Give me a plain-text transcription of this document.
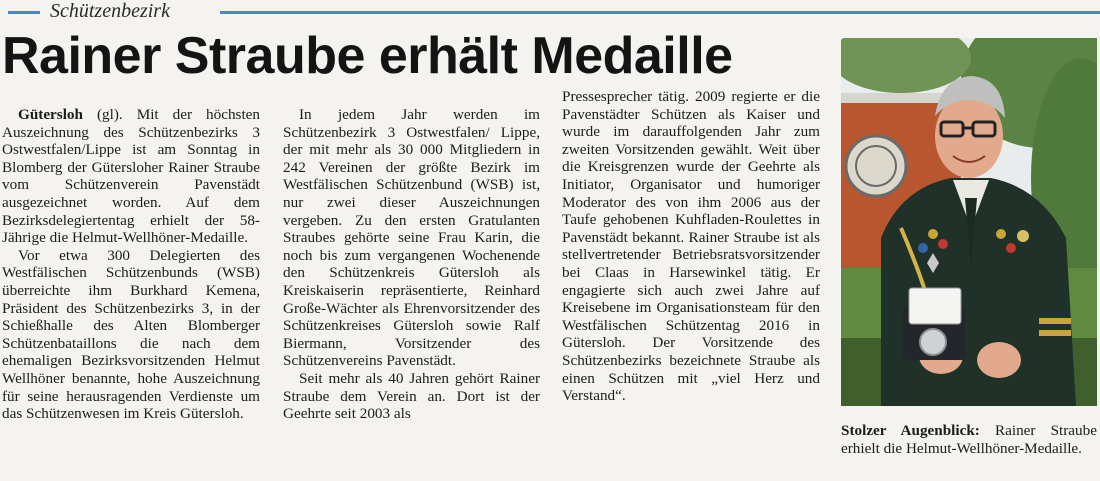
Schützenbezirk
Rainer Straube erhält Medaille

Gütersloh (gl). Mit der höchsten Auszeichnung des Schützenbezirks 3 Ostwestfalen/Lippe ist am Sonntag in Blomberg der Gütersloher Rainer Straube vom Schützenverein Pavenstädt ausgezeichnet worden. Auf dem Bezirksdelegiertentag erhielt der 58-Jährige die Helmut-Wellhöner-Medaille.

Vor etwa 300 Delegierten des Westfälischen Schützenbunds (WSB) überreichte ihm Burkhard Kemena, Präsident des Schützenbezirks 3, in der Schießhalle des Alten Blomberger Schützenbataillons die nach dem ehemaligen Bezirksvorsitzenden Helmut Wellhöner benannte, hohe Auszeichnung für seine herausragenden Verdienste um das Schützenwesen im Kreis Gütersloh.

In jedem Jahr werden im Schützenbezirk 3 Ostwestfalen/ Lippe, der mit mehr als 30 000 Mitgliedern in 242 Vereinen der größte Bezirk im Westfälischen Schützenbund (WSB) ist, nur zwei dieser Auszeichnungen vergeben. Zu den ersten Gratulanten Straubes gehörte seine Frau Karin, die noch bis zum vergangenen Wochenende den Schützenkreis Gütersloh als Kreiskaiserin repräsentierte, Reinhard Große-Wächter als Ehrenvorsitzender des Schützenkreises Gütersloh sowie Ralf Biermann, Vorsitzender des Schützenvereins Pavenstädt.

Seit mehr als 40 Jahren gehört Rainer Straube dem Verein an. Dort ist der Geehrte seit 2003 als

Pressesprecher tätig. 2009 regierte er die Pavenstädter Schützen als Kaiser und wurde im darauffolgenden Jahr zum zweiten Vorsitzenden gewählt. Weit über die Kreisgrenzen wurde der Geehrte als Initiator, Organisator und humoriger Moderator des von ihm 2006 aus der Taufe gehobenen Kuhfladen-Roulettes in Pavenstädt bekannt. Rainer Straube ist als stellvertretender Betriebsratsvorsitzender bei Claas in Harsewinkel tätig. Er engagierte sich auch zwei Jahre auf Kreisebene im Organisationsteam für den Westfälischen Schützentag 2016 in Gütersloh. Der Vorsitzende des Schützenbezirks bezeichnete Straube als einen Schützen mit „viel Herz und Verstand“.

Stolzer Augenblick: Rainer Straube erhielt die Helmut-Wellhöner-Medaille.
